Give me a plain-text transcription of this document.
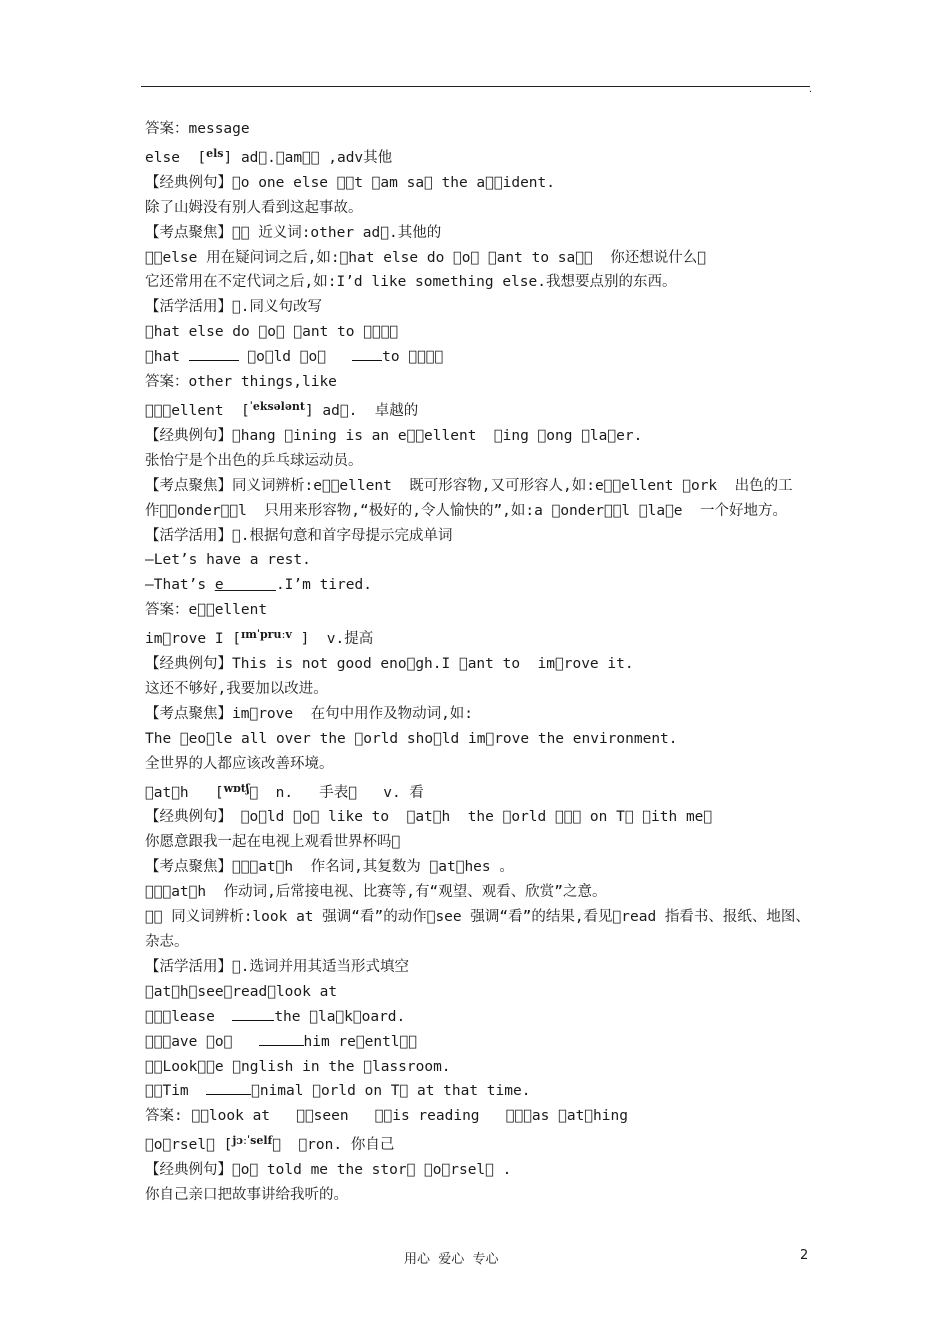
.

答案：message

else  [$^{els}$] ad . am   ,adv其他

【经典例句】 o one else   t  am sa  the a  ident.

除了山姆没有别人看到这起事故。

【考点聚焦】   近义词:other ad .其他的

  else 用在疑问词之后,如: hat else do  o   ant to sa    你还想说什么 

它还常用在不定代词之后,如:I’d like something else.我想要点别的东西。

【活学活用】 .同义句改写

 hat else do  o   ant to     

 hat	 o ld  o    to     

答案：other things,like

   ellent  [$^{ˈeksələnt}$] ad .  卓越的

【经典例句】 hang  ining is an e  ellent   ing  ong  la er.

张怡宁是个出色的乒乓球运动员。

【考点聚焦】同义词辨析:e  ellent  既可形容物,又可形容人,如:e  ellent  ork  出色的工作  onder  l  只用来形容物,“极好的,令人愉快的”,如:a  onder  l  la e  一个好地方。

【活学活用】 .根据句意和首字母提示完成单词

—Let’s have a rest.

—That’s e      .I’m tired.

答案：e  ellent

im rove I [$^{ɪmˈpruːv}$ ]  v.提高

【经典例句】This is not good eno gh.I  ant to  im rove it.

这还不够好,我要加以改进。

【考点聚焦】im rove  在句中用作及物动词,如:

The  eo le all over the  orld sho ld im rove the environment.

全世界的人都应该改善环境。

 at h   [$^{wɒtʃ}$   n.   手表    v. 看

【经典例句】  o ld  o  like to   at h  the  orld     on T   ith me 

你愿意跟我一起在电视上观看世界杯吗 

【考点聚焦】   at h  作名词,其复数为  at hes 。

   at h  作动词,后常接电视、比赛等,有“观望、观看、欣赏”之意。

   同义词辨析:look at 强调“看”的动作 see 强调“看”的结果,看见 read 指看书、报纸、地图、杂志。

【活学活用】 .选词并用其适当形式填空

 at h see read look at

   lease	the  la k oard.

   ave  o 	him re entl  

  Look  e  nglish in the  lassroom.

  Tim	 nimal  orld on T  at that time.

答案:   look at     seen     is reading      as  at hing

 o rsel  [$^{jɔːˈself}$    ron. 你自己

【经典例句】 o  told me the stor   o rsel  .

你自己亲口把故事讲给我听的。

用心  爱心  专心	2
